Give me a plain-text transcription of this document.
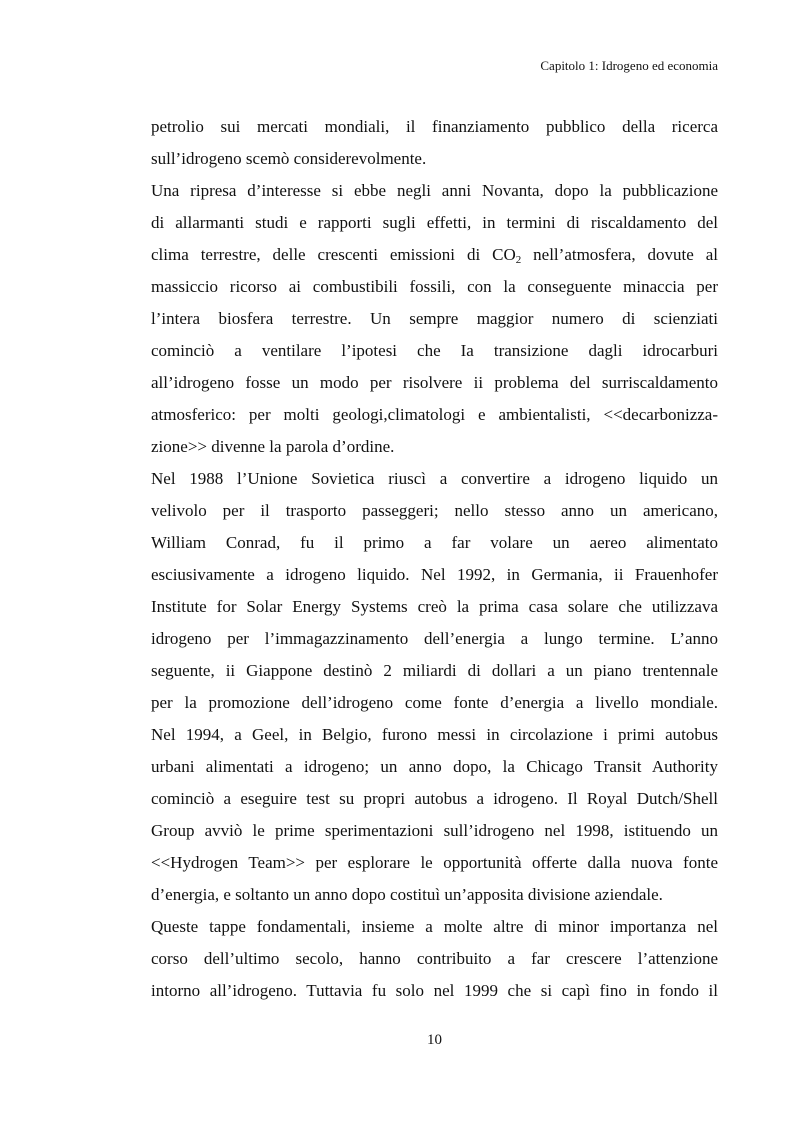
Capitolo 1: Idrogeno ed economia
petrolio sui mercati mondiali, il finanziamento pubblico della ricerca
sull’idrogeno scemò considerevolmente.
Una ripresa d’interesse si ebbe negli anni Novanta, dopo la pubblicazione
di allarmanti studi e rapporti sugli effetti, in termini di riscaldamento del
clima terrestre, delle crescenti emissioni di $CO_2$ nell’atmosfera, dovute al
massiccio ricorso ai combustibili fossili, con la conseguente minaccia per
l’intera biosfera terrestre. Un sempre maggior numero di scienziati
cominciò a ventilare l’ipotesi che Ia transizione dagli idrocarburi
all’idrogeno fosse un modo per risolvere ii problema del surriscaldamento
atmosferico: per molti geologi,climatologi e ambientalisti, <<decarbonizza-
zione>> divenne la parola d’ordine.
Nel 1988 l’Unione Sovietica riuscì a convertire a idrogeno liquido un
velivolo per il trasporto passeggeri; nello stesso anno un americano,
William Conrad, fu il primo a far volare un aereo alimentato
esciusivamente a idrogeno liquido. Nel 1992, in Germania, ii Frauenhofer
Institute for Solar Energy Systems creò la prima casa solare che utilizzava
idrogeno per l’immagazzinamento dell’energia a lungo termine. L’anno
seguente, ii Giappone destinò 2 miliardi di dollari a un piano trentennale
per la promozione dell’idrogeno come fonte d’energia a livello mondiale.
Nel 1994, a Geel, in Belgio, furono messi in circolazione i primi autobus
urbani alimentati a idrogeno; un anno dopo, la Chicago Transit Authority
cominciò a eseguire test su propri autobus a idrogeno. Il Royal Dutch/Shell
Group avviò le prime sperimentazioni sull’idrogeno nel 1998, istituendo un
<<Hydrogen Team>> per esplorare le opportunità offerte dalla nuova fonte
d’energia, e soltanto un anno dopo costituì un’apposita divisione aziendale.
Queste tappe fondamentali, insieme a molte altre di minor importanza nel
corso dell’ultimo secolo, hanno contribuito a far crescere l’attenzione
intorno all’idrogeno. Tuttavia fu solo nel 1999 che si capì fino in fondo il
10
